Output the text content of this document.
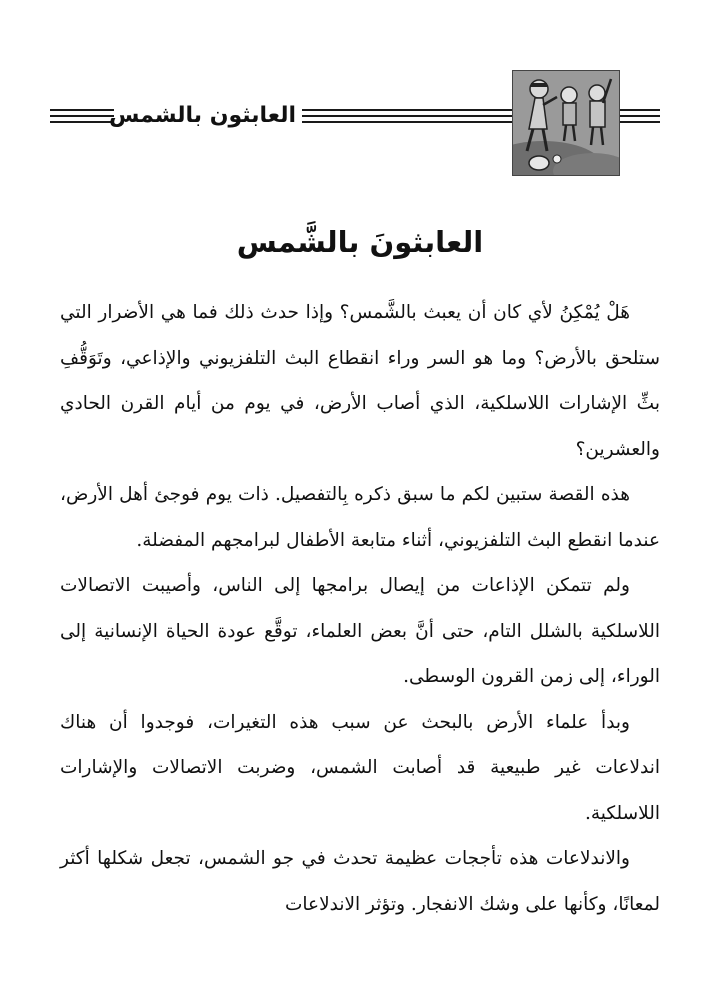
العابثون بالشمس
العابثونَ بالشَّمس

هَلْ يُمْكِنُ لأي كان أن يعبث بالشَّمس؟ وإذا حدث ذلك فما هي الأضرار التي ستلحق بالأرض؟ وما هو السر وراء انقطاع البث التلفزيوني والإذاعي، وتَوَقُّفِ بثِّ الإشارات اللاسلكية، الذي أصاب الأرض، في يوم من أيام القرن الحادي والعشرين؟

هذه القصة ستبين لكم ما سبق ذكره بِالتفصيل. ذات يوم فوجئ أهل الأرض، عندما انقطع البث التلفزيوني، أثناء متابعة الأطفال لبرامجهم المفضلة.

ولم تتمكن الإذاعات من إيصال برامجها إلى الناس، وأصيبت الاتصالات اللاسلكية بالشلل التام، حتى أنَّ بعض العلماء، توقَّع عودة الحياة الإنسانية إلى الوراء، إلى زمن القرون الوسطى.

وبدأ علماء الأرض بالبحث عن سبب هذه التغيرات، فوجدوا أن هناك اندلاعات غير طبيعية قد أصابت الشمس، وضربت الاتصالات والإشارات اللاسلكية.

والاندلاعات هذه تأججات عظيمة تحدث في جو الشمس، تجعل شكلها أكثر لمعانًا، وكأنها على وشك الانفجار. وتؤثر الاندلاعات
